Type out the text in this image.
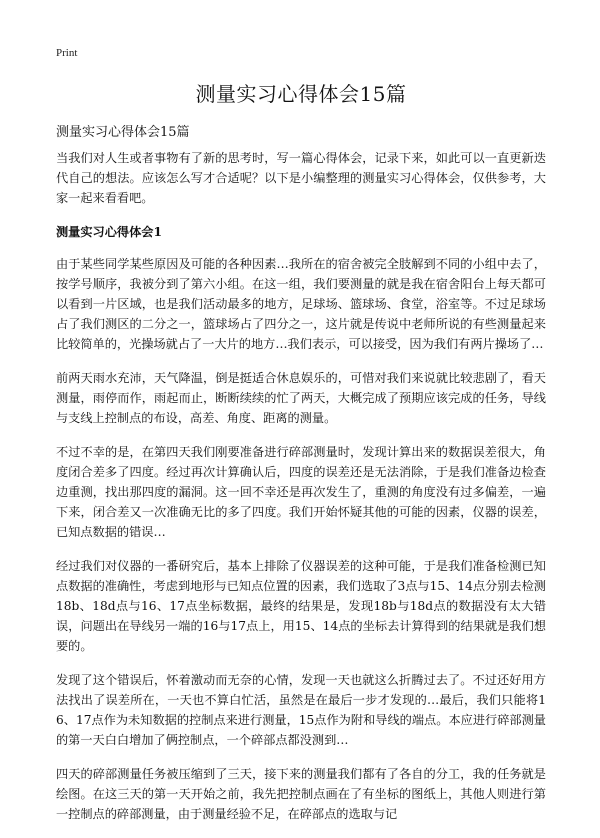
Print
测量实习心得体会15篇

测量实习心得体会15篇

当我们对人生或者事物有了新的思考时，写一篇心得体会，记录下来，如此可以一直更新迭代自己的想法。应该怎么写才合适呢？以下是小编整理的测量实习心得体会，仅供参考，大家一起来看看吧。

测量实习心得体会1

由于某些同学某些原因及可能的各种因素…我所在的宿舍被完全肢解到不同的小组中去了，按学号顺序，我被分到了第六小组。在这一组，我们要测量的就是我在宿舍阳台上每天都可以看到一片区域，也是我们活动最多的地方，足球场、篮球场、食堂，浴室等。不过足球场占了我们测区的二分之一，篮球场占了四分之一，这片就是传说中老师所说的有些测量起来比较简单的，光操场就占了一大片的地方…我们表示，可以接受，因为我们有两片操场了…

前两天雨水充沛，天气降温，倒是挺适合休息娱乐的，可惜对我们来说就比较悲剧了，看天测量，雨停而作，雨起而止，断断续续的忙了两天，大概完成了预期应该完成的任务，导线与支线上控制点的布设，高差、角度、距离的测量。

不过不幸的是，在第四天我们刚要准备进行碎部测量时，发现计算出来的数据误差很大，角度闭合差多了四度。经过再次计算确认后，四度的误差还是无法消除，于是我们准备边检查边重测，找出那四度的漏洞。这一回不幸还是再次发生了，重测的角度没有过多偏差，一遍下来，闭合差又一次准确无比的多了四度。我们开始怀疑其他的可能的因素，仪器的误差，已知点数据的错误…

经过我们对仪器的一番研究后，基本上排除了仪器误差的这种可能，于是我们准备检测已知点数据的准确性，考虑到地形与已知点位置的因素，我们选取了3点与15、14点分别去检测18b、18d点与16、17点坐标数据，最终的结果是，发现18b与18d点的数据没有太大错误，问题出在导线另一端的16与17点上，用15、14点的坐标去计算得到的结果就是我们想要的。

发现了这个错误后，怀着激动而无奈的心情，发现一天也就这么折腾过去了。不过还好用方法找出了误差所在，一天也不算白忙活，虽然是在最后一步才发现的…最后，我们只能将16、17点作为未知数据的控制点来进行测量，15点作为附和导线的端点。本应进行碎部测量的第一天白白增加了俩控制点，一个碎部点都没测到…

四天的碎部测量任务被压缩到了三天，接下来的测量我们都有了各自的分工，我的任务就是绘图。在这三天的第一天开始之前，我先把控制点画在了有坐标的图纸上，其他人则进行第一控制点的碎部测量，由于测量经验不足，在碎部点的选取与记
